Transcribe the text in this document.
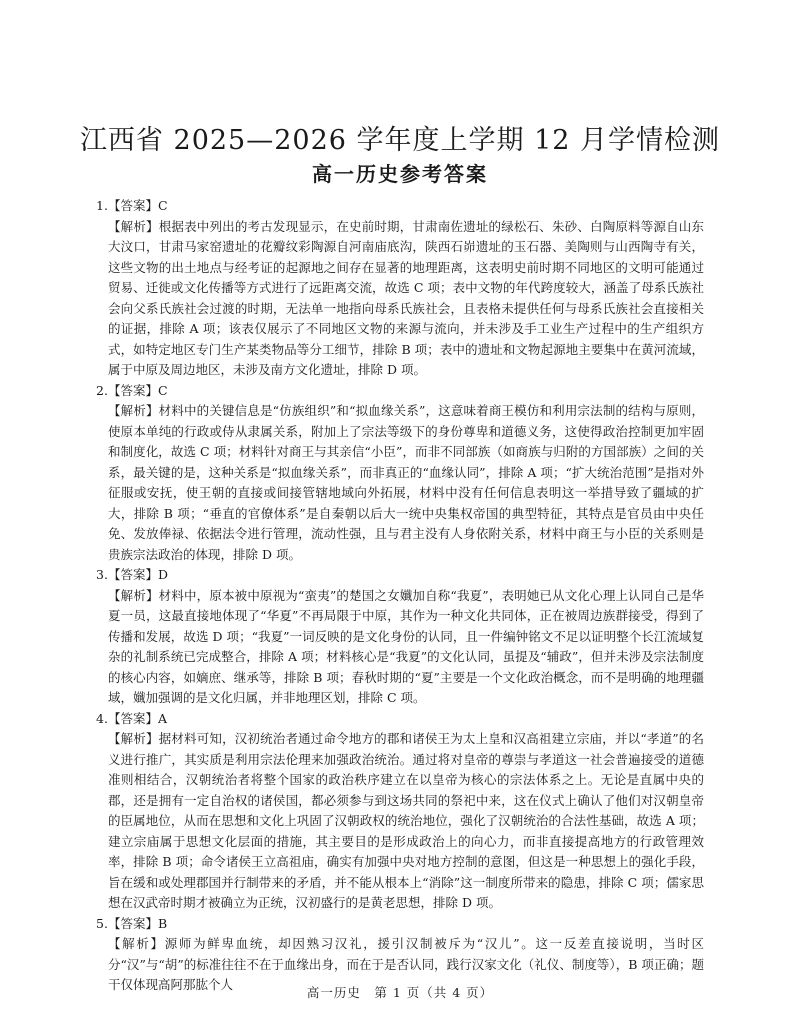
江西省 2025—2026 学年度上学期 12 月学情检测
高一历史参考答案
1.【答案】C

【解析】根据表中列出的考古发现显示，在史前时期，甘肃南佐遗址的绿松石、朱砂、白陶原料等源自山东大汶口，甘肃马家窑遗址的花瓣纹彩陶源自河南庙底沟，陕西石峁遗址的玉石器、美陶则与山西陶寺有关，这些文物的出土地点与经考证的起源地之间存在显著的地理距离，这表明史前时期不同地区的文明可能通过贸易、迁徙或文化传播等方式进行了远距离交流，故选 C 项；表中文物的年代跨度较大，涵盖了母系氏族社会向父系氏族社会过渡的时期，无法单一地指向母系氏族社会，且表格未提供任何与母系氏族社会直接相关的证据，排除 A 项；该表仅展示了不同地区文物的来源与流向，并未涉及手工业生产过程中的生产组织方式，如特定地区专门生产某类物品等分工细节，排除 B 项；表中的遗址和文物起源地主要集中在黄河流域，属于中原及周边地区，未涉及南方文化遗址，排除 D 项。

2.【答案】C

【解析】材料中的关键信息是“仿族组织”和“拟血缘关系”，这意味着商王模仿和利用宗法制的结构与原则，使原本单纯的行政或侍从隶属关系，附加上了宗法等级下的身份尊卑和道德义务，这使得政治控制更加牢固和制度化，故选 C 项；材料针对商王与其亲信“小臣”，而非不同部族（如商族与归附的方国部族）之间的关系，最关键的是，这种关系是“拟血缘关系”，而非真正的“血缘认同”，排除 A 项；“扩大统治范围”是指对外征服或安抚，使王朝的直接或间接管辖地域向外拓展，材料中没有任何信息表明这一举措导致了疆域的扩大，排除 B 项；“垂直的官僚体系”是自秦朝以后大一统中央集权帝国的典型特征，其特点是官员由中央任免、发放俸禄、依据法令进行管理，流动性强，且与君主没有人身依附关系，材料中商王与小臣的关系则是贵族宗法政治的体现，排除 D 项。

3.【答案】D

【解析】材料中，原本被中原视为“蛮夷”的楚国之女孅加自称“我夏”，表明她已从文化心理上认同自己是华夏一员，这最直接地体现了“华夏”不再局限于中原，其作为一种文化共同体，正在被周边族群接受，得到了传播和发展，故选 D 项；“我夏”一词反映的是文化身份的认同，且一件编钟铭文不足以证明整个长江流域复杂的礼制系统已完成整合，排除 A 项；材料核心是“我夏”的文化认同，虽提及“辅政”，但并未涉及宗法制度的核心内容，如嫡庶、继承等，排除 B 项；春秋时期的“夏”主要是一个文化政治概念，而不是明确的地理疆域，孅加强调的是文化归属，并非地理区划，排除 C 项。

4.【答案】A

【解析】据材料可知，汉初统治者通过命令地方的郡和诸侯王为太上皇和汉高祖建立宗庙，并以“孝道”的名义进行推广，其实质是利用宗法伦理来加强政治统治。通过将对皇帝的尊崇与孝道这一社会普遍接受的道德准则相结合，汉朝统治者将整个国家的政治秩序建立在以皇帝为核心的宗法体系之上。无论是直属中央的郡，还是拥有一定自治权的诸侯国，都必须参与到这场共同的祭祀中来，这在仪式上确认了他们对汉朝皇帝的臣属地位，从而在思想和文化上巩固了汉朝政权的统治地位，强化了汉朝统治的合法性基础，故选 A 项；建立宗庙属于思想文化层面的措施，其主要目的是形成政治上的向心力，而非直接提高地方的行政管理效率，排除 B 项；命令诸侯王立高祖庙，确实有加强中央对地方控制的意图，但这是一种思想上的强化手段，旨在缓和或处理郡国并行制带来的矛盾，并不能从根本上“消除”这一制度所带来的隐患，排除 C 项；儒家思想在汉武帝时期才被确立为正统，汉初盛行的是黄老思想，排除 D 项。

5.【答案】B

【解析】源师为鲜卑血统，却因熟习汉礼，援引汉制被斥为“汉儿”。这一反差直接说明，当时区分“汉”与“胡”的标准往往不在于血缘出身，而在于是否认同，践行汉家文化（礼仪、制度等），B 项正确；题干仅体现高阿那肱个人

高一历史　第 1 页（共 4 页）
